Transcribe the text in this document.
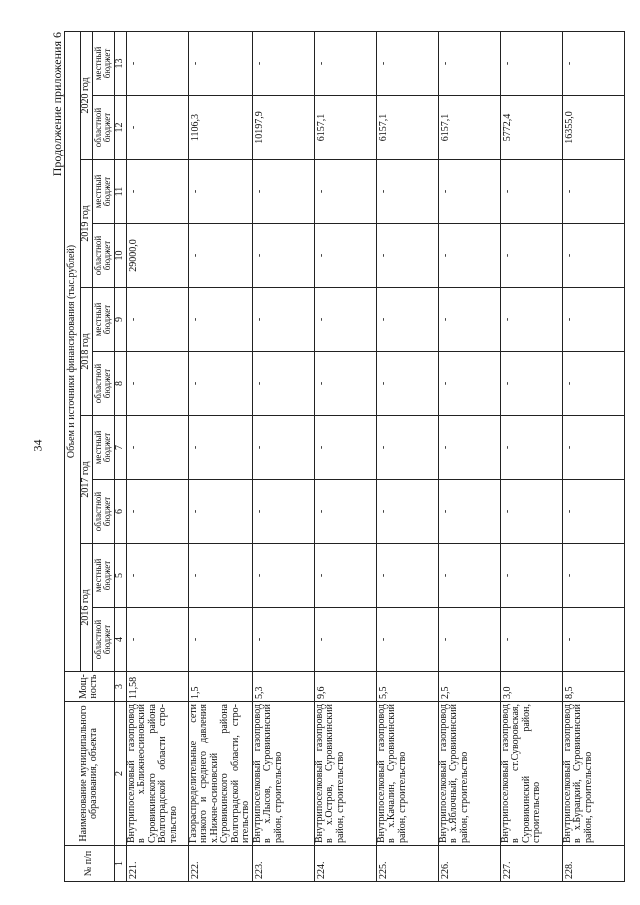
34
Продолжение приложения 6
№ п/п	Наименование муниципального образования, объекта	Мощ-ность	Объем и источники финансирования (тыс.рублей)									
			2016 год		2017 год		2018 год		2019 год		2020 год	
			областной бюджет	местный бюджет	областной бюджет	местный бюджет	областной бюджет	местный бюджет	областной бюджет	местный бюджет	областной бюджет	местный бюджет
1	2	3	4	5	6	7	8	9	10	11	12	13
221.	Внутрипоселковый газопровод в х.Ближнеосиновский Суровикинского района Волгоградской области стро-тельство	11,58	-	-	-	-	-	-	29000,0	-	-	-
222.	Газораспределительные сети низкого и среднего давления х.Нижне-осиновский Суровикинского района Волгоградской области, стро-ительство	1,5	-	-	-	-	-	-	-	-	1106,3	-
223.	Внутрипоселковый газопровод в х.Лысов, Суровикинский район, строительство	5,3	-	-	-	-	-	-	-	-	10197,9	-
224.	Внутрипоселковый газопровод в х.Остров, Суровикинский район, строительство	9,6	-	-	-	-	-	-	-	-	6157,1	-
225.	Внутрипоселковый газопровод в х.Качалин, Суровикинский район, строительство	5,5	-	-	-	-	-	-	-	-	6157,1	-
226.	Внутрипоселковый газопровод в х.Яблочный, Суровикинский район, строительство	2,5	-	-	-	-	-	-	-	-	6157,1	-
227.	Внутрипоселковый газопровод в ст.Суворовская, Суровикинский район, строительство	3,0	-	-	-	-	-	-	-	-	5772,4	-
228.	Внутрипоселковый газопровод в х.Бурацкий, Суровикинский район, строительство	8,5	-	-	-	-	-	-	-	-	16355,0	-
